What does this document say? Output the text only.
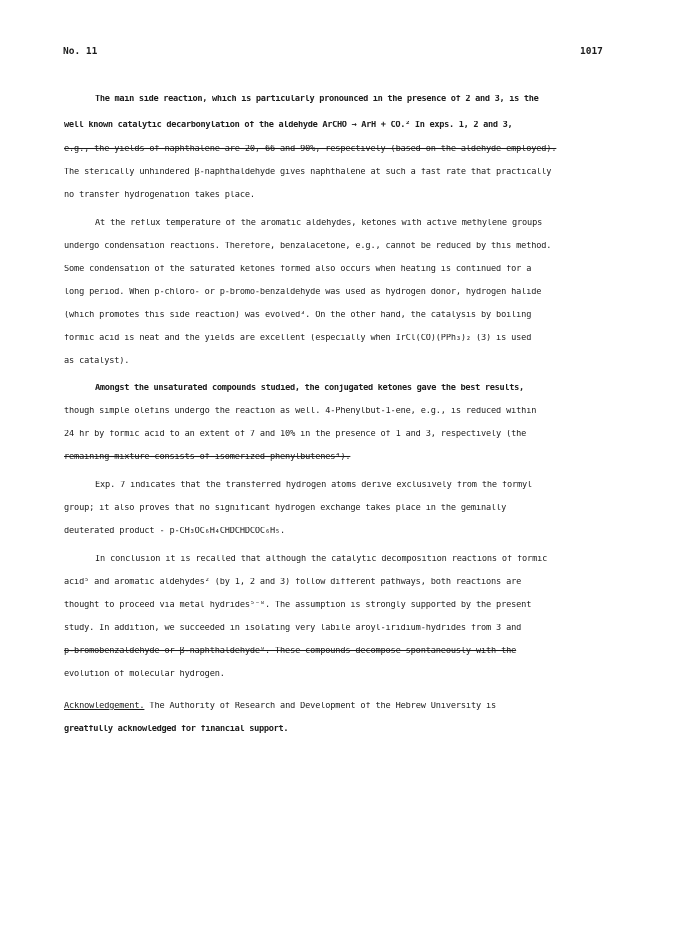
No. 11	1017
The main side reaction, which is particularly pronounced in the presence of 2 and 3, is the
well known catalytic decarbonylation of the aldehyde ArCHO → ArH + CO.² In exps. 1, 2 and 3,
e.g., the yields of naphthalene are 20, 66 and 90%, respectively (based on the aldehyde employed).
The sterically unhindered β-naphthaldehyde gives naphthalene at such a fast rate that practically
no transfer hydrogenation takes place.
At the reflux temperature of the aromatic aldehydes, ketones with active methylene groups
undergo condensation reactions. Therefore, benzalacetone, e.g., cannot be reduced by this method.
Some condensation of the saturated ketones formed also occurs when heating is continued for a
long period. When p-chloro- or p-bromo-benzaldehyde was used as hydrogen donor, hydrogen halide
(which promotes this side reaction) was evolved³. On the other hand, the catalysis by boiling
formic acid is neat and the yields are excellent (especially when IrCl(CO)(PPh₃)₂ (3) is used
as catalyst).
Amongst the unsaturated compounds studied, the conjugated ketones gave the best results,
though simple olefins undergo the reaction as well. 4-Phenylbut-1-ene, e.g., is reduced within
24 hr by formic acid to an extent of 7 and 10% in the presence of 1 and 3, respectively (the
remaining mixture consists of isomerized phenylbutenes⁴).
Exp. 7 indicates that the transferred hydrogen atoms derive exclusively from the formyl
group; it also proves that no significant hydrogen exchange takes place in the geminally
deuterated product - p-CH₃OC₆H₄CHDCHDCOC₆H₅.
In conclusion it is recalled that although the catalytic decomposition reactions of formic
acid⁵ and aromatic aldehydes² (by 1, 2 and 3) follow different pathways, both reactions are
thought to proceed via metal hydrides⁵⁻⁸. The assumption is strongly supported by the present
study. In addition, we succeeded in isolating very labile aroyl-iridium-hydrides from 3 and
p-bromobenzaldehyde or β-naphthaldehyde⁹. These compounds decompose spontaneously with the
evolution of molecular hydrogen.
Acknowledgement. The Authority of Research and Development of the Hebrew University is
greatfully acknowledged for financial support.
